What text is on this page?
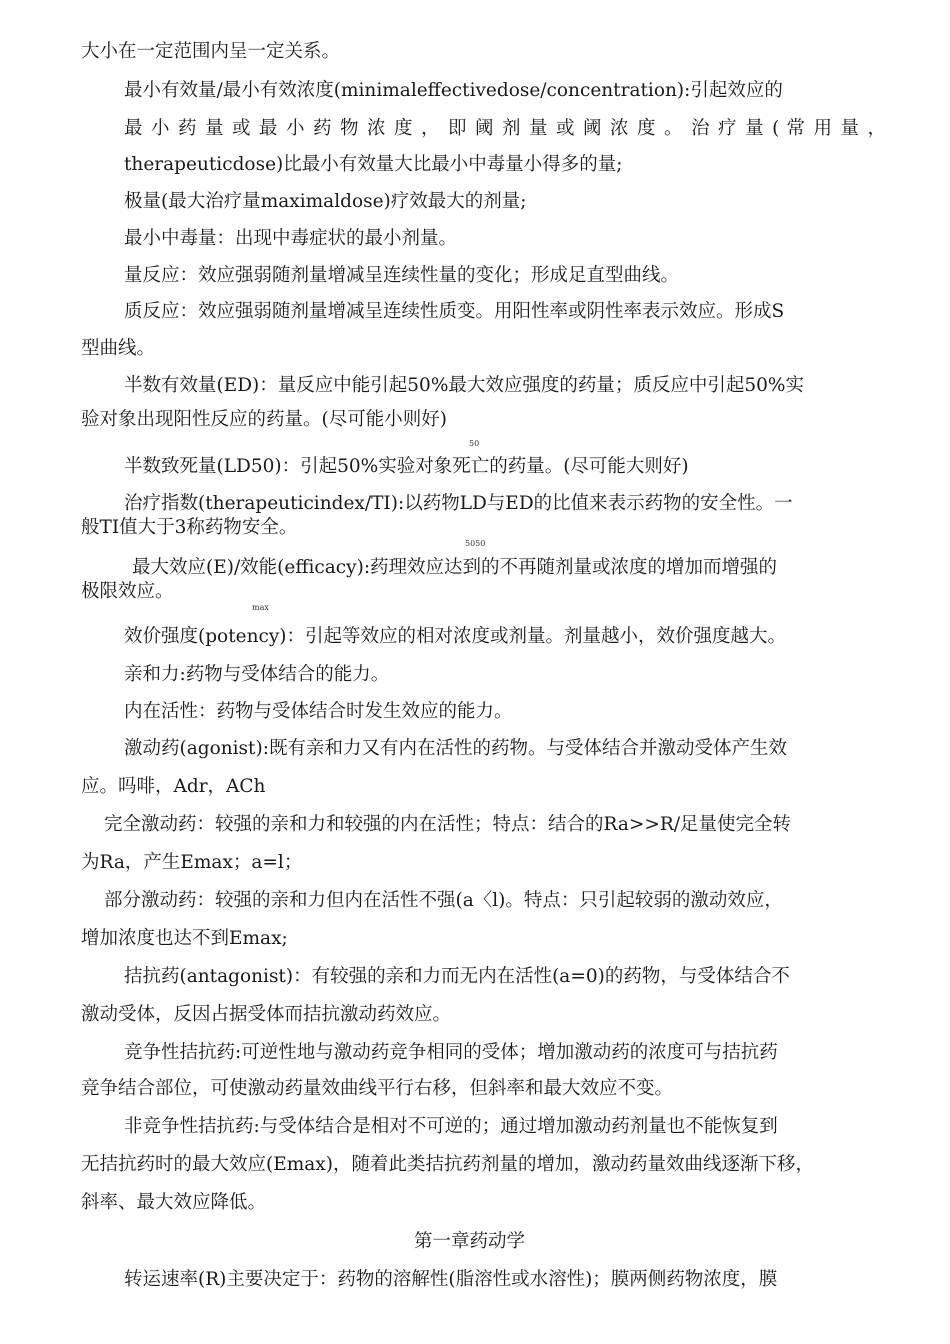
大小在一定范围内呈一定关系。
最小有效量/最小有效浓度(minimaleffectivedose/concentration):引起效应的
最 小 药 量 或 最 小 药 物 浓 度 ， 即 阈 剂 量 或 阈 浓 度 。 治 疗 量 ( 常 用 量 ，
therapeuticdose)比最小有效量大比最小中毒量小得多的量;
极量(最大治疗量maximaldose)疗效最大的剂量;
最小中毒量：出现中毒症状的最小剂量。
量反应：效应强弱随剂量增减呈连续性量的变化；形成足直型曲线。
质反应：效应强弱随剂量增减呈连续性质变。用阳性率或阴性率表示效应。形成S
型曲线。
半数有效量(ED)：量反应中能引起50%最大效应强度的药量；质反应中引起50%实
验对象出现阳性反应的药量。(尽可能小则好)
50
半数致死量(LD50)：引起50%实验对象死亡的药量。(尽可能大则好)
治疗指数(therapeuticindex/TI):以药物LD与ED的比值来表示药物的安全性。一
般TI值大于3称药物安全。
5050
最大效应(E)/效能(efficacy):药理效应达到的不再随剂量或浓度的增加而增强的
极限效应。
max
效价强度(potency)：引起等效应的相对浓度或剂量。剂量越小，效价强度越大。
亲和力:药物与受体结合的能力。
内在活性：药物与受体结合时发生效应的能力。
激动药(agonist):既有亲和力又有内在活性的药物。与受体结合并激动受体产生效
应。吗啡，Adr，ACh
完全激动药：较强的亲和力和较强的内在活性；特点：结合的Ra>>R/足量使完全转
为Ra，产生Emax；a=l；
部分激动药：较强的亲和力但内在活性不强(a〈l)。特点：只引起较弱的激动效应，
增加浓度也达不到Emax;
拮抗药(antagonist)：有较强的亲和力而无内在活性(a=0)的药物，与受体结合不
激动受体，反因占据受体而拮抗激动药效应。
竞争性拮抗药:可逆性地与激动药竞争相同的受体；增加激动药的浓度可与拮抗药
竞争结合部位，可使激动药量效曲线平行右移，但斜率和最大效应不变。
非竞争性拮抗药:与受体结合是相对不可逆的；通过增加激动药剂量也不能恢复到
无拮抗药时的最大效应(Emax)，随着此类拮抗药剂量的增加，激动药量效曲线逐渐下移，
斜率、最大效应降低。
第一章药动学
转运速率(R)主要决定于：药物的溶解性(脂溶性或水溶性)；膜两侧药物浓度，膜
